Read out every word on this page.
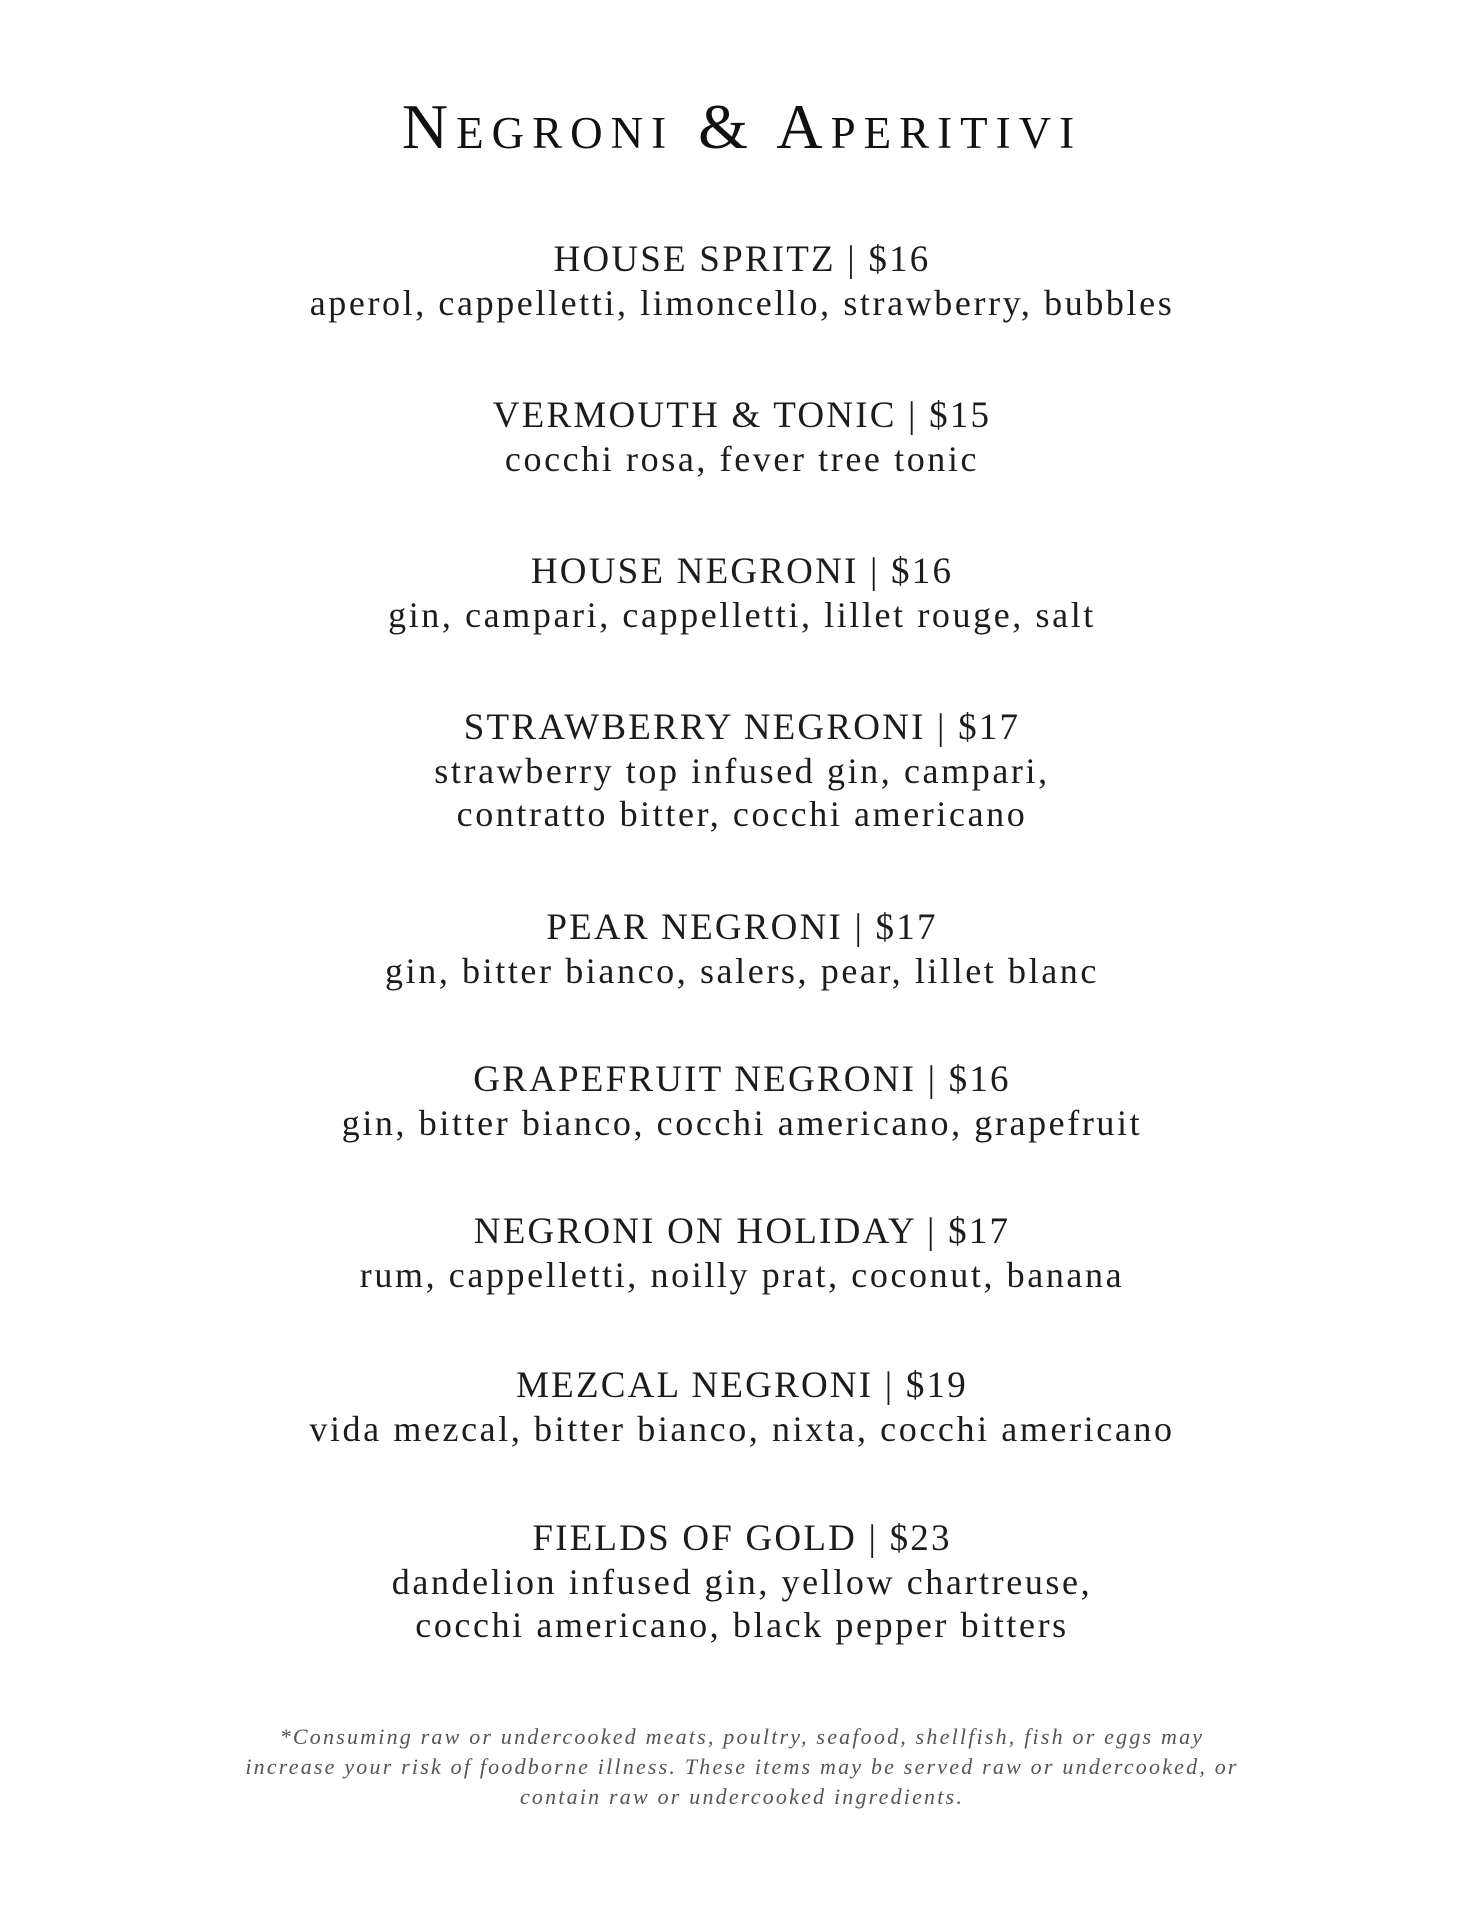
Negroni & Aperitivi
HOUSE SPRITZ | $16
aperol, cappelletti, limoncello, strawberry, bubbles
VERMOUTH & TONIC | $15
cocchi rosa, fever tree tonic
HOUSE NEGRONI | $16
gin, campari, cappelletti, lillet rouge, salt
STRAWBERRY NEGRONI | $17
strawberry top infused gin, campari,
contratto bitter, cocchi americano
PEAR NEGRONI | $17
gin, bitter bianco, salers, pear, lillet blanc
GRAPEFRUIT NEGRONI | $16
gin, bitter bianco, cocchi americano, grapefruit
NEGRONI ON HOLIDAY | $17
rum, cappelletti, noilly prat, coconut, banana
MEZCAL NEGRONI | $19
vida mezcal, bitter bianco, nixta, cocchi americano
FIELDS OF GOLD | $23
dandelion infused gin, yellow chartreuse,
cocchi americano, black pepper bitters
*Consuming raw or undercooked meats, poultry, seafood, shellfish, fish or eggs may
increase your risk of foodborne illness. These items may be served raw or undercooked, or
contain raw or undercooked ingredients.
